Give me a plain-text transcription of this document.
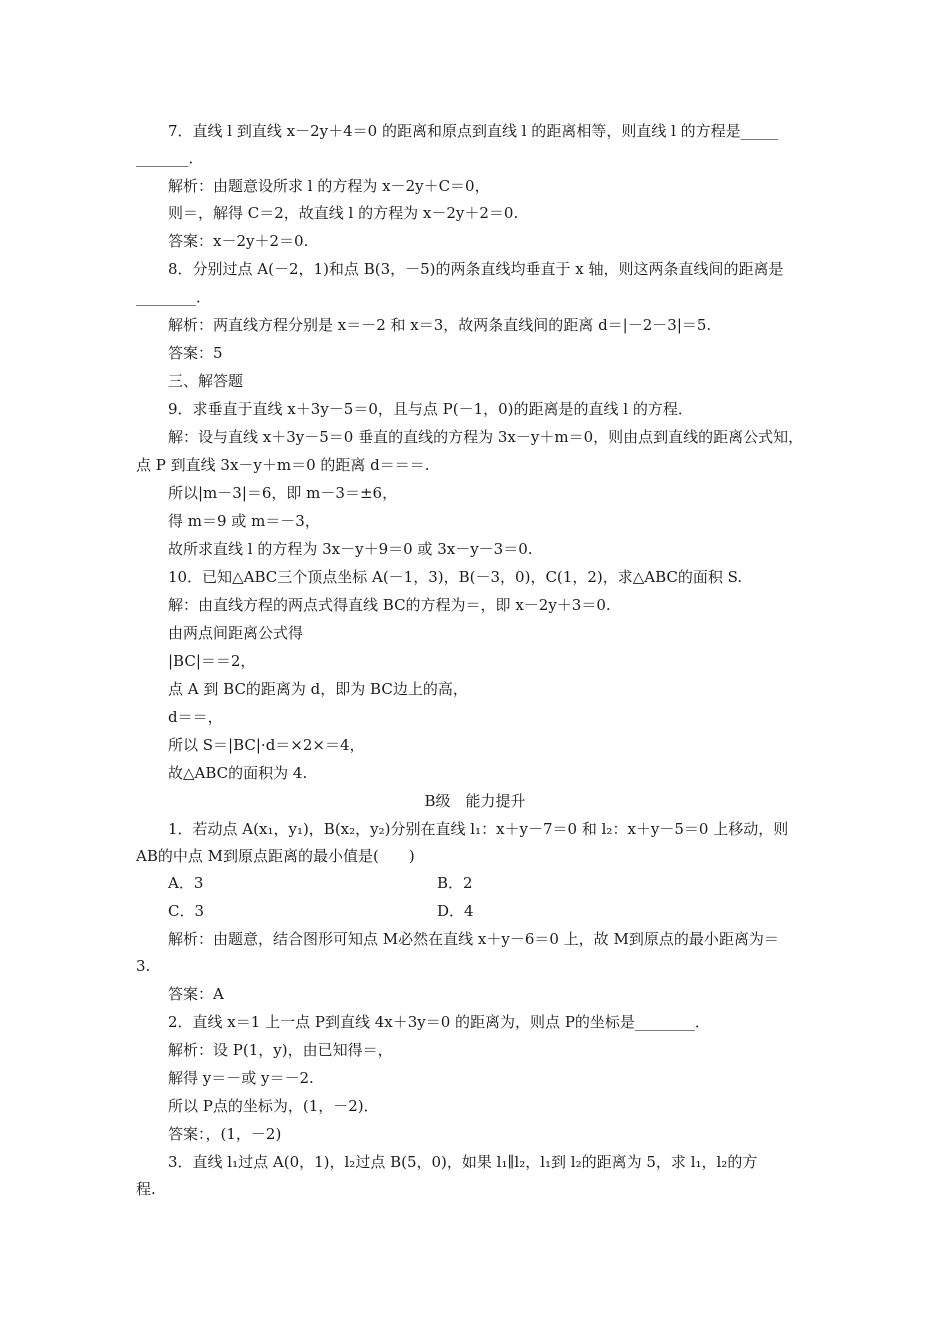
7．直线 l 到直线 x－2y＋4＝0 的距离和原点到直线 l 的距离相等，则直线 l 的方程是_____
_______．
解析：由题意设所求 l 的方程为 x－2y＋C＝0，
则＝，解得 C＝2，故直线 l 的方程为 x－2y＋2＝0.
答案：x－2y＋2＝0.
8．分别过点 A(－2，1)和点 B(3，－5)的两条直线均垂直于 x 轴，则这两条直线间的距离是
________．
解析：两直线方程分别是 x＝－2 和 x＝3，故两条直线间的距离 d＝|－2－3|＝5.
答案：5
三、解答题
9．求垂直于直线 x＋3y－5＝0，且与点 P(－1，0)的距离是的直线 l 的方程．
解：设与直线 x＋3y－5＝0 垂直的直线的方程为 3x－y＋m＝0，则由点到直线的距离公式知，
点 P 到直线 3x－y＋m＝0 的距离 d＝＝＝.
所以|m－3|＝6，即 m－3＝±6，
得 m＝9 或 m＝－3，
故所求直线 l 的方程为 3x－y＋9＝0 或 3x－y－3＝0.
10．已知△ABC三个顶点坐标 A(－1，3)，B(－3，0)，C(1，2)，求△ABC的面积 S.
解：由直线方程的两点式得直线 BC的方程为＝，即 x－2y＋3＝0.
由两点间距离公式得
|BC|＝＝2，
点 A 到 BC的距离为 d，即为 BC边上的高，
d＝＝，
所以 S＝|BC|·d＝×2×＝4，
故△ABC的面积为 4.
B级　能力提升
1．若动点 A(x₁，y₁)，B(x₂，y₂)分别在直线 l₁：x＋y－7＝0 和 l₂：x＋y－5＝0 上移动，则
AB的中点 M到原点距离的最小值是(　　)
A．3	B．2
C．3	D．4
解析：由题意，结合图形可知点 M必然在直线 x＋y－6＝0 上，故 M到原点的最小距离为＝
3.
答案：A
2．直线 x＝1 上一点 P到直线 4x＋3y＝0 的距离为，则点 P的坐标是________．
解析：设 P(1，y)，由已知得＝，
解得 y＝－或 y＝－2.
所以 P点的坐标为，(1，－2)．
答案：，(1，－2)
3．直线 l₁过点 A(0，1)，l₂过点 B(5，0)，如果 l₁∥l₂，l₁到 l₂的距离为 5，求 l₁，l₂的方
程.
